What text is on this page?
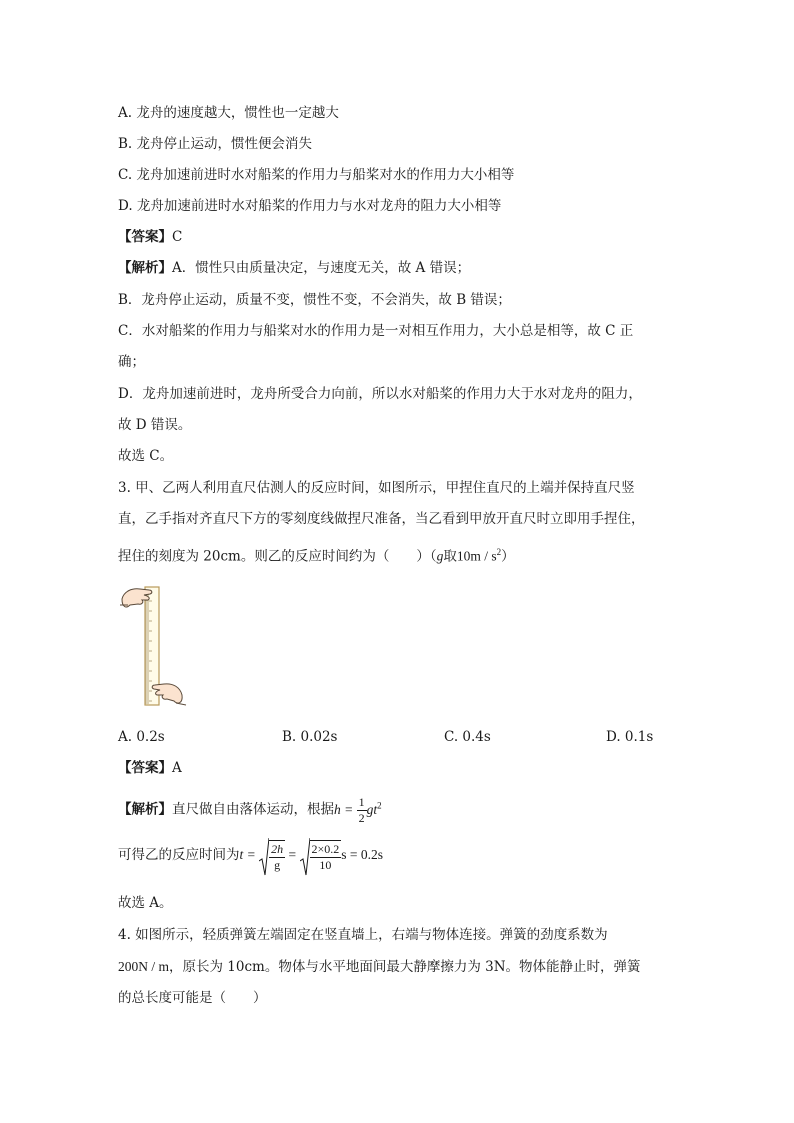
A. 龙舟的速度越大，惯性也一定越大
B. 龙舟停止运动，惯性便会消失
C. 龙舟加速前进时水对船桨的作用力与船桨对水的作用力大小相等
D. 龙舟加速前进时水对船桨的作用力与水对龙舟的阻力大小相等
【答案】C
【解析】A．惯性只由质量决定，与速度无关，故 A 错误；
B．龙舟停止运动，质量不变，惯性不变，不会消失，故 B 错误；
C．水对船桨的作用力与船桨对水的作用力是一对相互作用力，大小总是相等，故 C 正
确；
D．龙舟加速前进时，龙舟所受合力向前，所以水对船桨的作用力大于水对龙舟的阻力，
故 D 错误。
故选 C。
3. 甲、乙两人利用直尺估测人的反应时间，如图所示，甲捏住直尺的上端并保持直尺竖
直，乙手指对齐直尺下方的零刻度线做捏尺准备，当乙看到甲放开直尺时立即用手捏住，
捏住的刻度为 20cm。则乙的反应时间约为（　　）（g取$10m / s^2$）
A. 0.2s	B. 0.02s	C. 0.4s	D. 0.1s
【答案】A
【解析】直尺做自由落体运动，根据$h = \frac{1}{2} gt^2$
可得乙的反应时间为$t = \frac{2h}{g} = \frac{2\times 0.2}{10}$ s = 0.2s
故选 A。
4. 如图所示，轻质弹簧左端固定在竖直墙上，右端与物体连接。弹簧的劲度系数为
200N / m，原长为 10cm。物体与水平地面间最大静摩擦力为 3N。物体能静止时，弹簧
的总长度可能是（　　）
